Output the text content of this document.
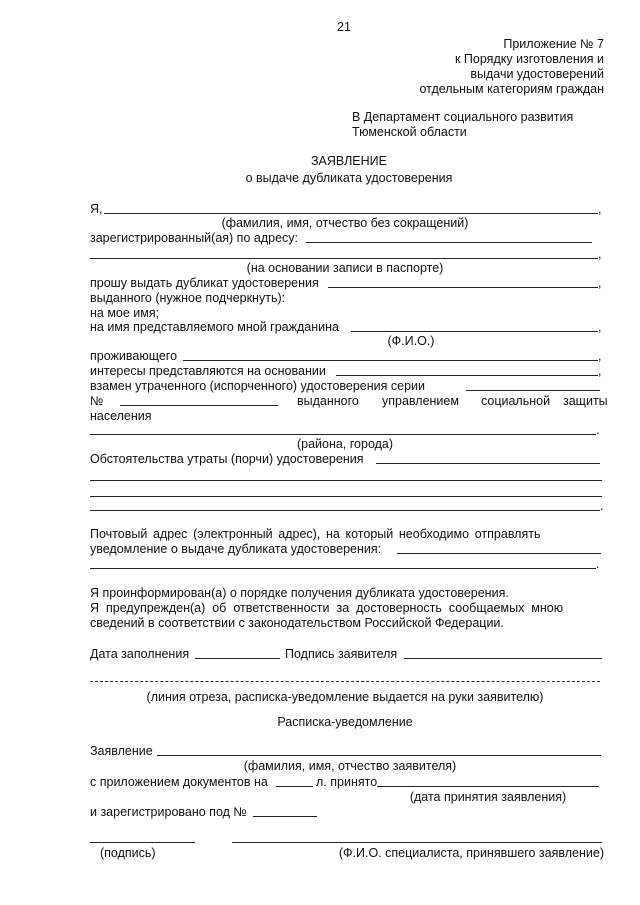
21
Приложение № 7
к Порядку изготовления и
выдачи удостоверений
отдельным категориям граждан
В Департамент социального развития
Тюменской области
ЗАЯВЛЕНИЕ
о выдаче дубликата удостоверения
Я,	,
(фамилия, имя, отчество без сокращений)
зарегистрированный(ая) по адресу:
,
(на основании записи в паспорте)
прошу выдать дубликат удостоверения	,
выданного (нужное подчеркнуть):
на мое имя;
на имя представляемого мной гражданина	,
(Ф.И.О.)
проживающего	,
интересы представляются на основании	,
взамен утраченного (испорченного) удостоверения серии
№	выданного управлением социальной защиты
населения
.
(района, города)
Обстоятельства утраты (порчи) удостоверения
.
Почтовый адрес (электронный адрес), на который необходимо отправлять
уведомление о выдаче дубликата удостоверения:
.
Я проинформирован(а) о порядке получения дубликата удостоверения.
Я предупрежден(а) об ответственности за достоверность сообщаемых мною
сведений в соответствии с законодательством Российской Федерации.
Дата заполнения	Подпись заявителя
(линия отреза, расписка-уведомление выдается на руки заявителю)
Расписка-уведомление
Заявление
(фамилия, имя, отчество заявителя)
с приложением документов на	л. принято
(дата принятия заявления)
и зарегистрировано под №
(подпись)	(Ф.И.О. специалиста, принявшего заявление)
